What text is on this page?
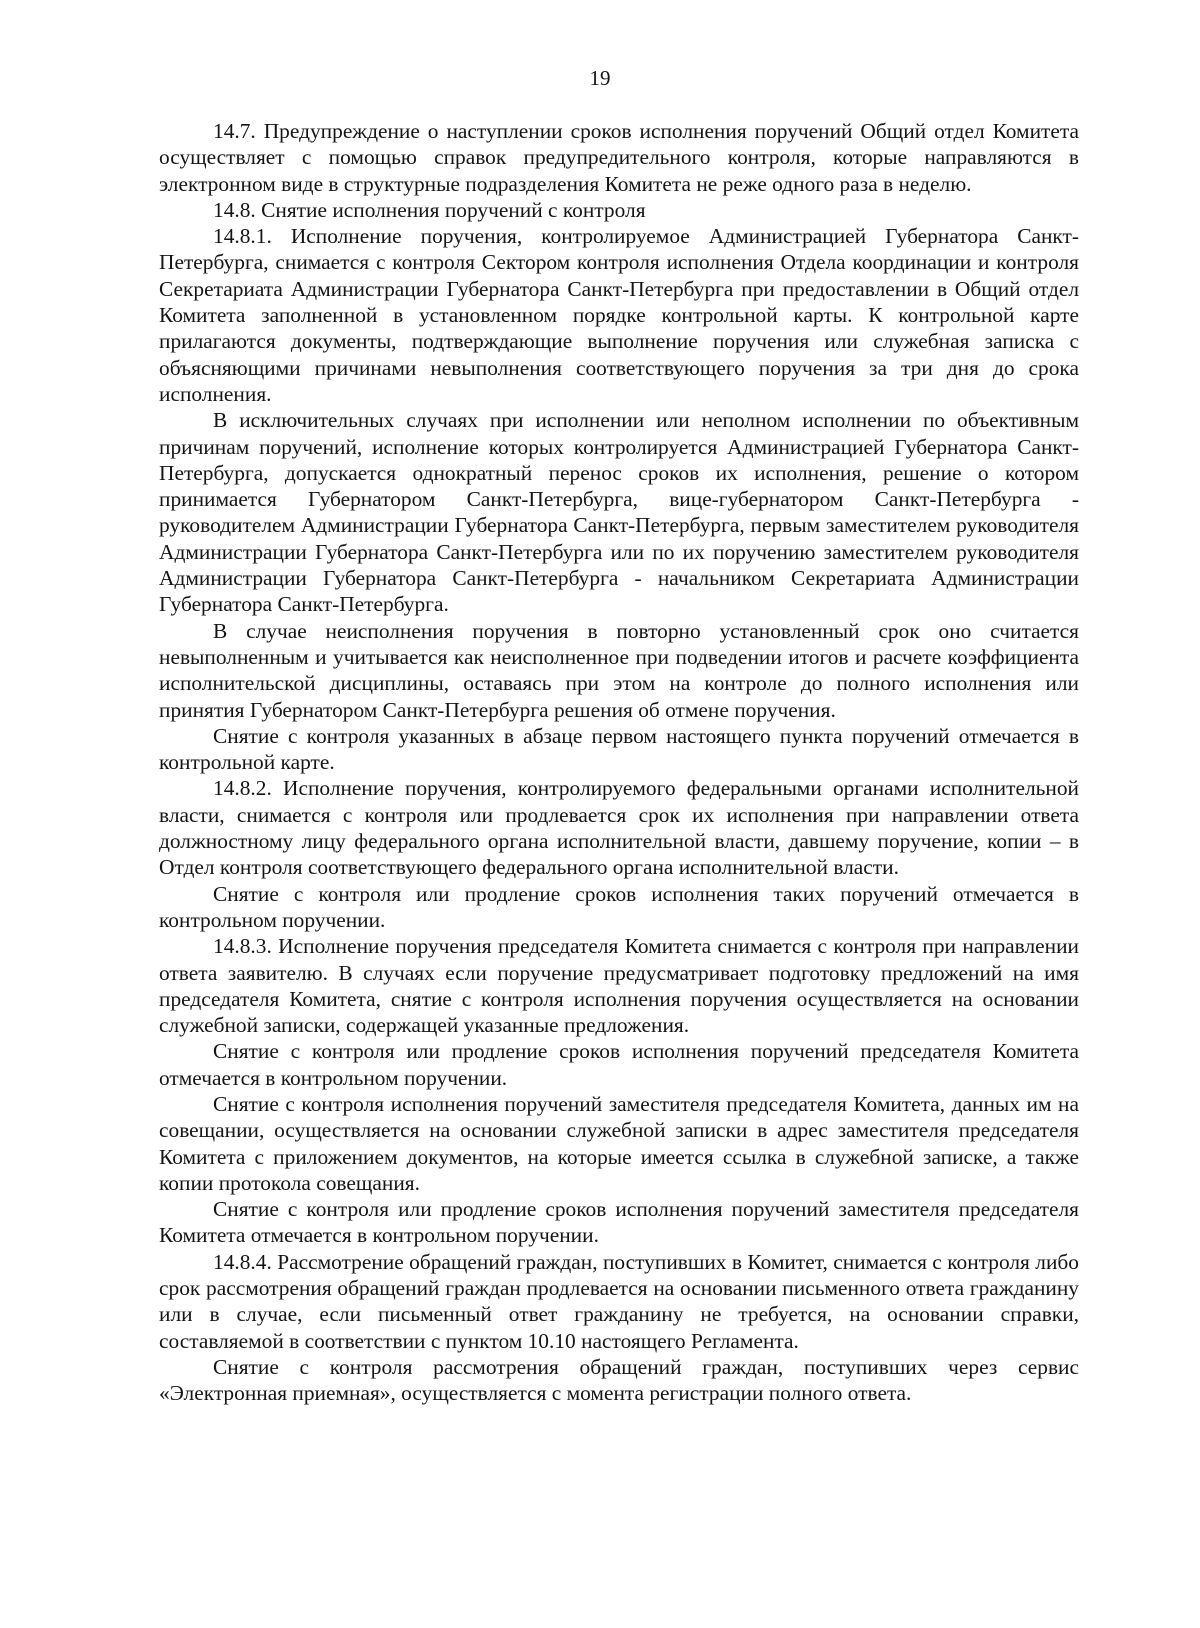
19

14.7. Предупреждение о наступлении сроков исполнения поручений Общий отдел Комитета осуществляет с помощью справок предупредительного контроля, которые направляются в электронном виде в структурные подразделения Комитета не реже одного раза в неделю.

14.8. Снятие исполнения поручений с контроля

14.8.1. Исполнение поручения, контролируемое Администрацией Губернатора Санкт-Петербурга, снимается с контроля Сектором контроля исполнения Отдела координации и контроля Секретариата Администрации Губернатора Санкт-Петербурга при предоставлении в Общий отдел Комитета заполненной в установленном порядке контрольной карты. К контрольной карте прилагаются документы, подтверждающие выполнение поручения или служебная записка с объясняющими причинами невыполнения соответствующего поручения за три дня до срока исполнения.

В исключительных случаях при исполнении или неполном исполнении по объективным причинам поручений, исполнение которых контролируется Администрацией Губернатора Санкт-Петербурга, допускается однократный перенос сроков их исполнения, решение о котором принимается Губернатором Санкт-Петербурга, вице-губернатором Санкт-Петербурга - руководителем Администрации Губернатора Санкт-Петербурга, первым заместителем руководителя Администрации Губернатора Санкт-Петербурга или по их поручению заместителем руководителя Администрации Губернатора Санкт-Петербурга - начальником Секретариата Администрации Губернатора Санкт-Петербурга.

В случае неисполнения поручения в повторно установленный срок оно считается невыполненным и учитывается как неисполненное при подведении итогов и расчете коэффициента исполнительской дисциплины, оставаясь при этом на контроле до полного исполнения или принятия Губернатором Санкт-Петербурга решения об отмене поручения.

Снятие с контроля указанных в абзаце первом настоящего пункта поручений отмечается в контрольной карте.

14.8.2. Исполнение поручения, контролируемого федеральными органами исполнительной власти, снимается с контроля или продлевается срок их исполнения при направлении ответа должностному лицу федерального органа исполнительной власти, давшему поручение, копии – в Отдел контроля соответствующего федерального органа исполнительной власти.

Снятие с контроля или продление сроков исполнения таких поручений отмечается в контрольном поручении.

14.8.3. Исполнение поручения председателя Комитета снимается с контроля при направлении ответа заявителю. В случаях если поручение предусматривает подготовку предложений на имя председателя Комитета, снятие с контроля исполнения поручения осуществляется на основании служебной записки, содержащей указанные предложения.

Снятие с контроля или продление сроков исполнения поручений председателя Комитета отмечается в контрольном поручении.

Снятие с контроля исполнения поручений заместителя председателя Комитета, данных им на совещании, осуществляется на основании служебной записки в адрес заместителя председателя Комитета с приложением документов, на которые имеется ссылка в служебной записке, а также копии протокола совещания.

Снятие с контроля или продление сроков исполнения поручений заместителя председателя Комитета отмечается в контрольном поручении.

14.8.4. Рассмотрение обращений граждан, поступивших в Комитет, снимается с контроля либо срок рассмотрения обращений граждан продлевается на основании письменного ответа гражданину или в случае, если письменный ответ гражданину не требуется, на основании справки, составляемой в соответствии с пунктом 10.10 настоящего Регламента.

Снятие с контроля рассмотрения обращений граждан, поступивших через сервис «Электронная приемная», осуществляется с момента регистрации полного ответа.
